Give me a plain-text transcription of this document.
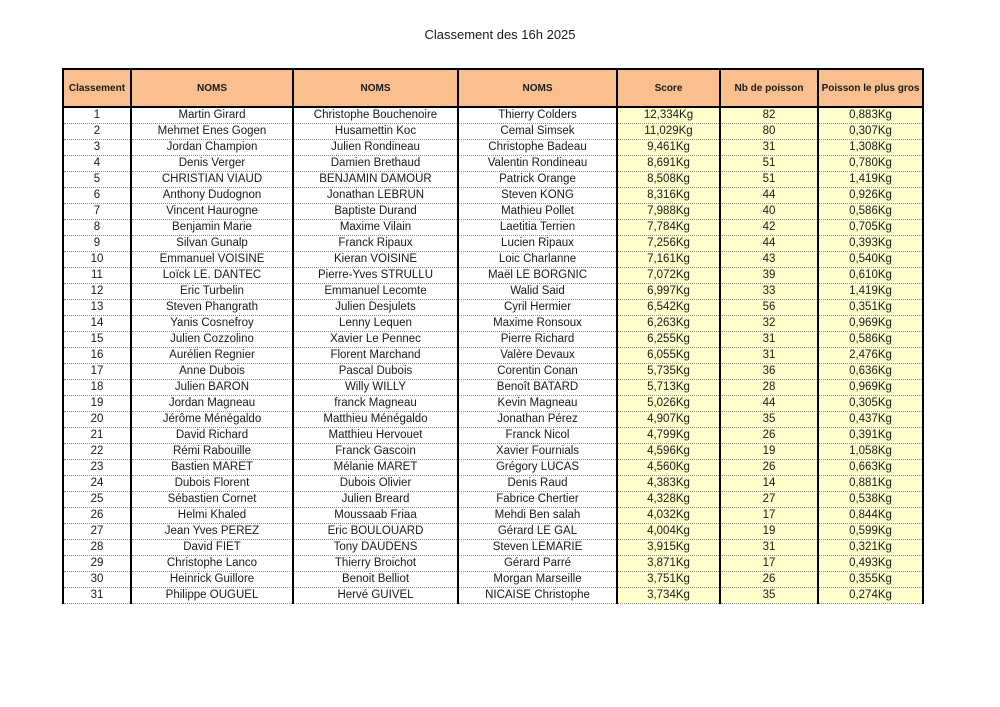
Classement des 16h 2025
Classement	NOMS	NOMS	NOMS	Score	Nb de poisson	Poisson le plus gros
1	Martin Girard	Christophe Bouchenoire	Thierry Colders	12,334Kg	82	0,883Kg
2	Mehmet Enes Gogen	Husamettin Koc	Cemal Simsek	11,029Kg	80	0,307Kg
3	Jordan Champion	Julien Rondineau	Christophe Badeau	9,461Kg	31	1,308Kg
4	Denis Verger	Damien Brethaud	Valentin Rondineau	8,691Kg	51	0,780Kg
5	CHRISTIAN VIAUD	BENJAMIN DAMOUR	Patrick Orange	8,508Kg	51	1,419Kg
6	Anthony Dudognon	Jonathan LEBRUN	Steven KONG	8,316Kg	44	0,926Kg
7	Vincent Haurogne	Baptiste Durand	Mathieu Pollet	7,988Kg	40	0,586Kg
8	Benjamin Marie	Maxime Vilain	Laetitia Terrien	7,784Kg	42	0,705Kg
9	Silvan Gunalp	Franck Ripaux	Lucien Ripaux	7,256Kg	44	0,393Kg
10	Emmanuel VOISINE	Kieran VOISINE	Loic Charlanne	7,161Kg	43	0,540Kg
11	Loïck LE. DANTEC	Pierre-Yves STRULLU	Maël LE BORGNIC	7,072Kg	39	0,610Kg
12	Eric Turbelin	Emmanuel Lecomte	Walid Said	6,997Kg	33	1,419Kg
13	Steven Phangrath	Julien Desjulets	Cyril Hermier	6,542Kg	56	0,351Kg
14	Yanis Cosnefroy	Lenny Lequen	Maxime Ronsoux	6,263Kg	32	0,969Kg
15	Julien Cozzolino	Xavier Le Pennec	Pierre Richard	6,255Kg	31	0,586Kg
16	Aurélien Regnier	Florent Marchand	Valère Devaux	6,055Kg	31	2,476Kg
17	Anne Dubois	Pascal Dubois	Corentin Conan	5,735Kg	36	0,636Kg
18	Julien BARON	Willy WILLY	Benoît BATARD	5,713Kg	28	0,969Kg
19	Jordan Magneau	franck Magneau	Kevin Magneau	5,026Kg	44	0,305Kg
20	Jérôme Ménégaldo	Matthieu Ménégaldo	Jonathan Pérez	4,907Kg	35	0,437Kg
21	David Richard	Matthieu Hervouet	Franck Nicol	4,799Kg	26	0,391Kg
22	Rémi Rabouille	Franck Gascoin	Xavier Fournials	4,596Kg	19	1,058Kg
23	Bastien MARET	Mélanie MARET	Grégory LUCAS	4,560Kg	26	0,663Kg
24	Dubois Florent	Dubois Olivier	Denis Raud	4,383Kg	14	0,881Kg
25	Sébastien Cornet	Julien Breard	Fabrice Chertier	4,328Kg	27	0,538Kg
26	Helmi Khaled	Moussaab Friaa	Mehdi Ben salah	4,032Kg	17	0,844Kg
27	Jean Yves PEREZ	Eric BOULOUARD	Gérard LE GAL	4,004Kg	19	0,599Kg
28	David FIET	Tony DAUDENS	Steven LEMARIE	3,915Kg	31	0,321Kg
29	Christophe Lanco	Thierry Broichot	Gérard Parré	3,871Kg	17	0,493Kg
30	Heinrick Guillore	Benoit Belliot	Morgan Marseille	3,751Kg	26	0,355Kg
31	Philippe OUGUEL	Hervé GUIVEL	NICAISE Christophe	3,734Kg	35	0,274Kg
